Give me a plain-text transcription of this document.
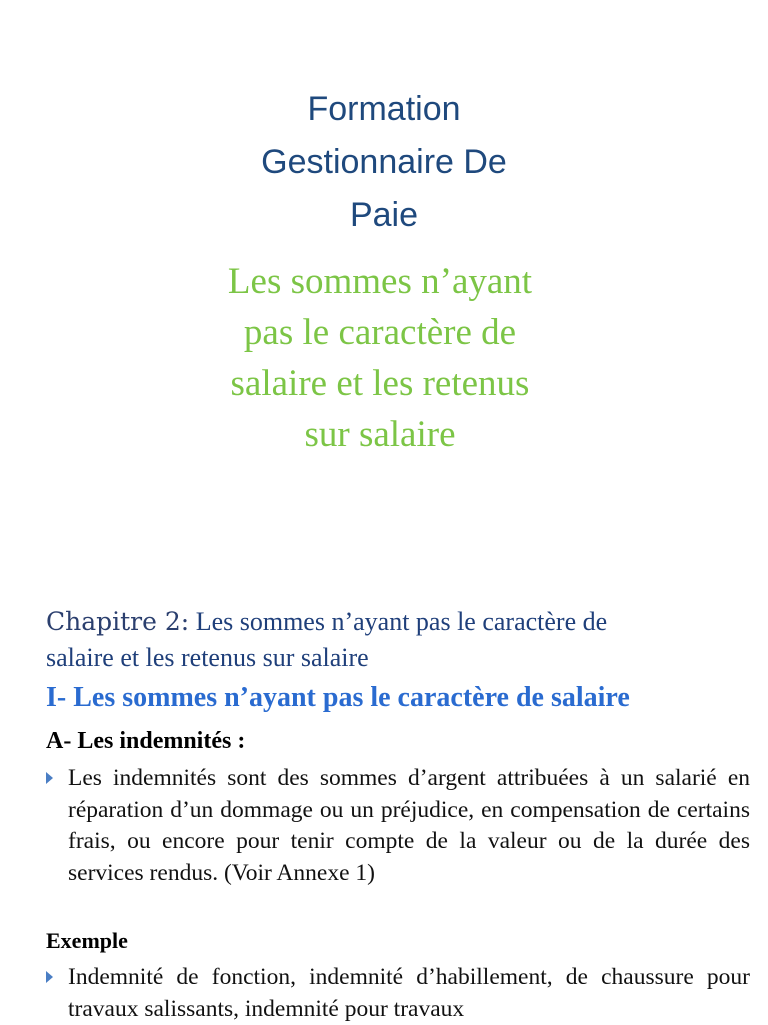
Formation
Gestionnaire De
Paie
Les sommes n’ayant
pas le caractère de
salaire et les retenus
sur salaire
Chapitre 2: Les sommes n’ayant pas le caractère de
salaire et les retenus sur salaire
I- Les sommes n’ayant pas le caractère de salaire
A- Les indemnités :
Les indemnités sont des sommes d’argent attribuées à un salarié en réparation d’un dommage ou un préjudice, en compensation de certains frais, ou encore pour tenir compte de la valeur ou de la durée des services rendus. (Voir Annexe 1)
Exemple
Indemnité de fonction, indemnité d’habillement, de chaussure pour travaux salissants, indemnité pour travaux
